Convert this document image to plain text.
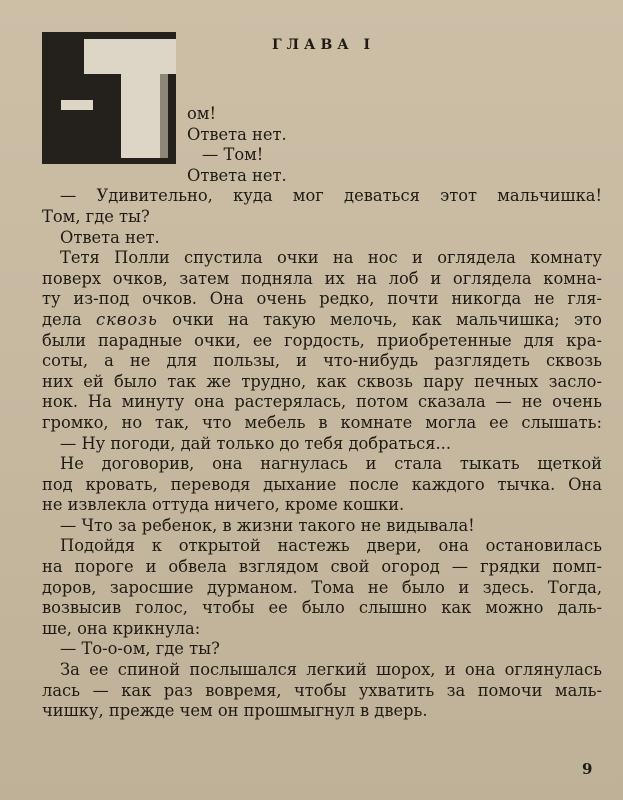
ГЛАВА I
ом!
Ответа нет.
— Том!
Ответа нет.
— Удивительно, куда мог деваться этот мальчишка!
Том, где ты?
Ответа нет.
Тетя Полли спустила очки на нос и оглядела комнату
поверх очков, затем подняла их на лоб и оглядела комна-
ту из-под очков. Она очень редко, почти никогда не гля-
дела сквозь очки на такую мелочь, как мальчишка; это
были парадные очки, ее гордость, приобретенные для кра-
соты, а не для пользы, и что-нибудь разглядеть сквозь
них ей было так же трудно, как сквозь пару печных засло-
нок. На минуту она растерялась, потом сказала — не очень
громко, но так, что мебель в комнате могла ее слышать:
— Ну погоди, дай только до тебя добраться...
Не договорив, она нагнулась и стала тыкать щеткой
под кровать, переводя дыхание после каждого тычка. Она
не извлекла оттуда ничего, кроме кошки.
— Что за ребенок, в жизни такого не видывала!
Подойдя к открытой настежь двери, она остановилась
на пороге и обвела взглядом свой огород — грядки помп-
доров, заросшие дурманом. Тома не было и здесь. Тогда,
возвысив голос, чтобы ее было слышно как можно даль-
ше, она крикнула:
— То-о-ом, где ты?
За ее спиной послышался легкий шорох, и она оглянулась
лась — как раз вовремя, чтобы ухватить за помочи маль-
чишку, прежде чем он прошмыгнул в дверь.
9
